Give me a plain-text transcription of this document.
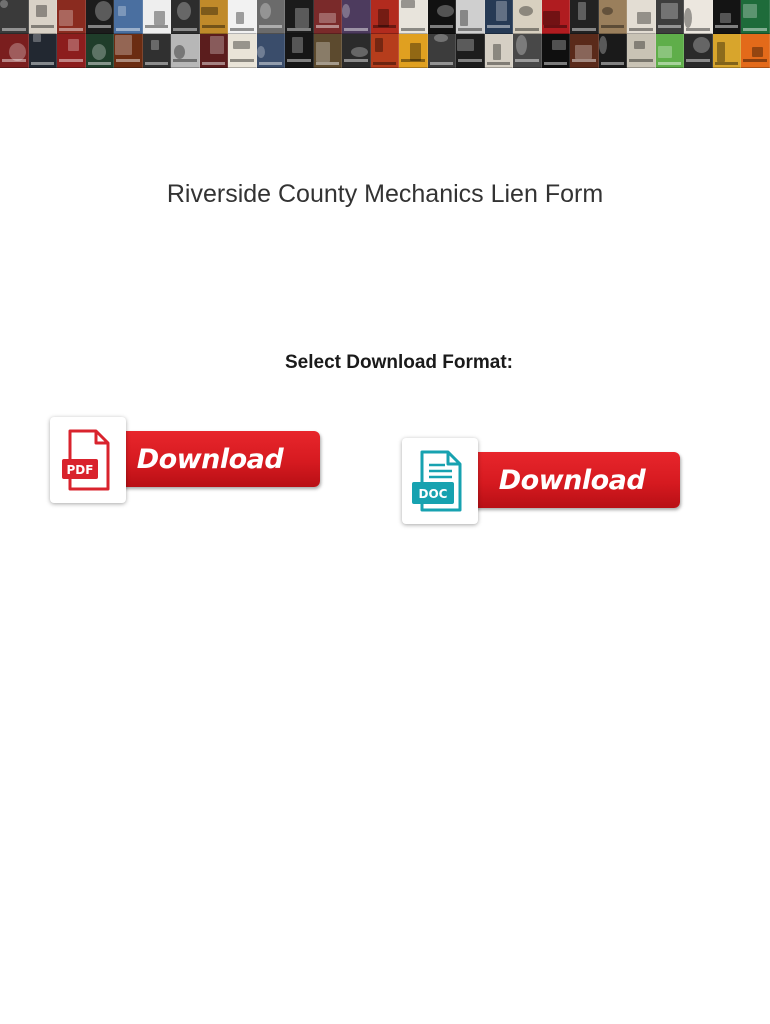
Riverside County Mechanics Lien Form

Select Download Format:

Download
PDF	Download
DOC
